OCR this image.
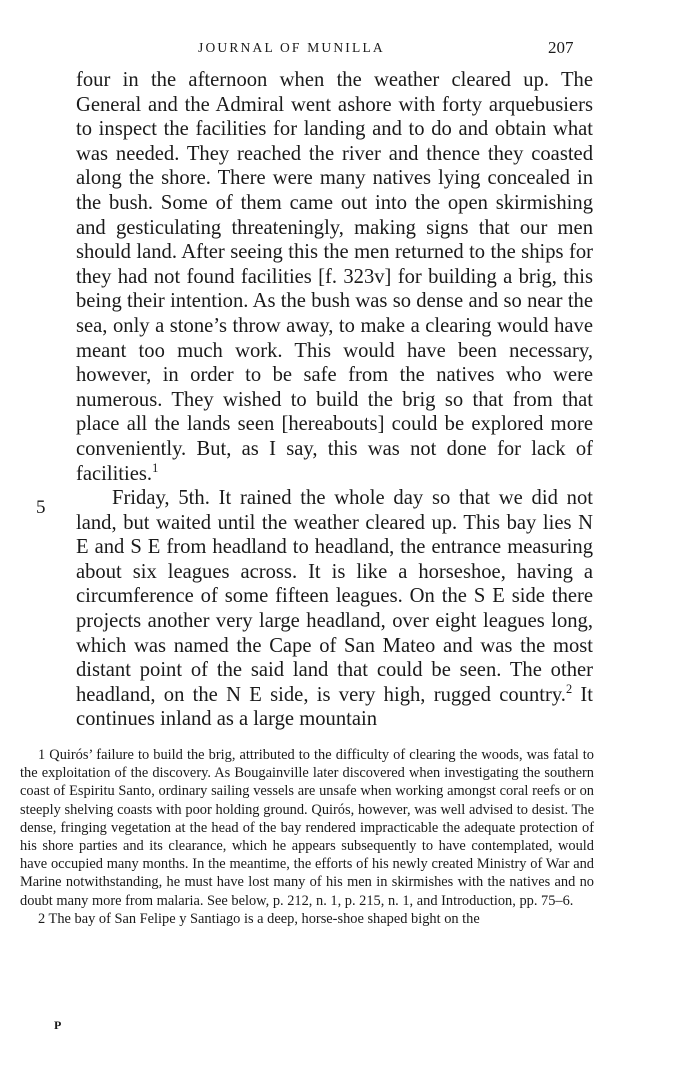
JOURNAL OF MUNILLA	207
5

four in the afternoon when the weather cleared up. The General and the Admiral went ashore with forty arquebusiers to inspect the facilities for landing and to do and obtain what was needed. They reached the river and thence they coasted along the shore. There were many natives lying concealed in the bush. Some of them came out into the open skirmishing and gesticulating threateningly, making signs that our men should land. After seeing this the men returned to the ships for they had not found facilities [f. 323v] for building a brig, this being their intention. As the bush was so dense and so near the sea, only a stone’s throw away, to make a clearing would have meant too much work. This would have been necessary, however, in order to be safe from the natives who were numerous. They wished to build the brig so that from that place all the lands seen [hereabouts] could be explored more conveniently. But, as I say, this was not done for lack of facilities.$^1$

Friday, 5th. It rained the whole day so that we did not land, but waited until the weather cleared up. This bay lies N E and S E from headland to headland, the entrance measuring about six leagues across. It is like a horseshoe, having a circumference of some fifteen leagues. On the S E side there projects another very large headland, over eight leagues long, which was named the Cape of San Mateo and was the most distant point of the said land that could be seen. The other headland, on the N E side, is very high, rugged country.$^2$ It continues inland as a large mountain

1 Quirós’ failure to build the brig, attributed to the difficulty of clearing the woods, was fatal to the exploitation of the discovery. As Bougainville later discovered when investigating the southern coast of Espiritu Santo, ordinary sailing vessels are unsafe when working amongst coral reefs or on steeply shelving coasts with poor holding ground. Quirós, however, was well advised to desist. The dense, fringing vegetation at the head of the bay rendered impracticable the adequate protection of his shore parties and its clearance, which he appears subsequently to have contemplated, would have occupied many months. In the meantime, the efforts of his newly created Ministry of War and Marine notwithstanding, he must have lost many of his men in skirmishes with the natives and no doubt many more from malaria. See below, p. 212, n. 1, p. 215, n. 1, and Introduction, pp. 75–6.

2 The bay of San Felipe y Santiago is a deep, horse-shoe shaped bight on the

P
